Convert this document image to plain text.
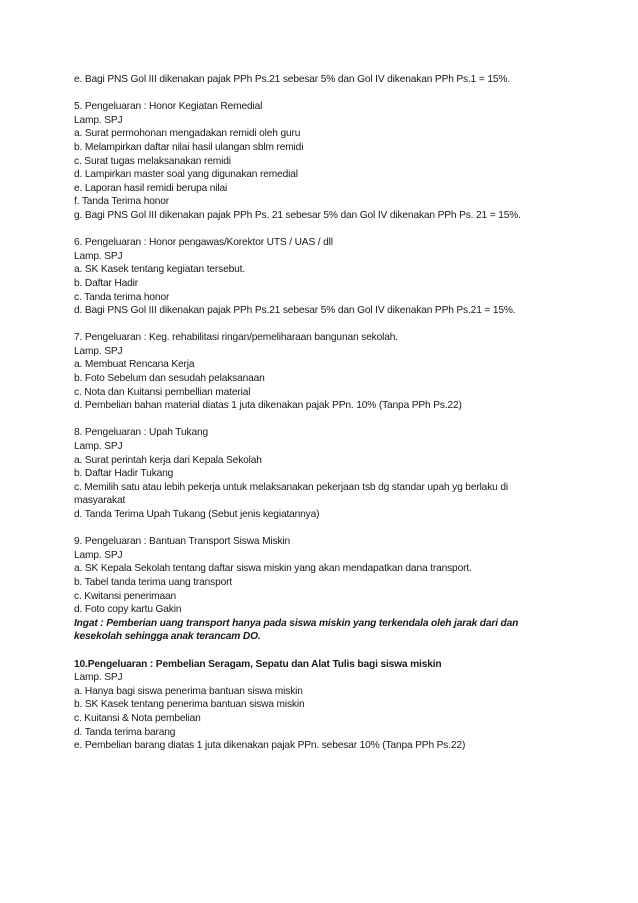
e. Bagi PNS Gol III dikenakan pajak PPh Ps.21 sebesar 5% dan Gol IV dikenakan PPh Ps.1 = 15%.
5. Pengeluaran : Honor Kegiatan Remedial
Lamp. SPJ
a. Surat permohonan mengadakan remidi oleh guru
b. Melampirkan daftar nilai hasil ulangan sblm remidi
c. Surat tugas melaksanakan remidi
d. Lampirkan master soal yang digunakan remedial
e. Laporan hasil remidi berupa nilai
f. Tanda Terima honor
g. Bagi PNS Gol III dikenakan pajak PPh Ps. 21 sebesar 5% dan Gol IV dikenakan PPh Ps. 21 = 15%.
6. Pengeluaran : Honor pengawas/Korektor UTS / UAS / dll
Lamp. SPJ
a. SK Kasek tentang kegiatan tersebut.
b. Daftar Hadir
c. Tanda terima honor
d. Bagi PNS Gol III dikenakan pajak PPh Ps.21 sebesar 5% dan Gol IV dikenakan PPh Ps.21 = 15%.
7. Pengeluaran : Keg. rehabilitasi ringan/pemeliharaan bangunan sekolah.
Lamp. SPJ
a. Membuat Rencana Kerja
b. Foto Sebelum dan sesudah pelaksanaan
c. Nota dan Kuitansi pembellian material
d. Pembelian bahan material diatas 1 juta dikenakan pajak PPn. 10% (Tanpa PPh Ps.22)
8. Pengeluaran : Upah Tukang
Lamp. SPJ
a. Surat perintah kerja dari Kepala Sekolah
b. Daftar Hadir Tukang
c. Memilih satu atau lebih pekerja untuk melaksanakan pekerjaan tsb dg standar upah yg berlaku di
masyarakat
d. Tanda Terima Upah Tukang (Sebut jenis kegiatannya)
9. Pengeluaran : Bantuan Transport Siswa Miskin
Lamp. SPJ
a. SK Kepala Sekolah tentang daftar siswa miskin yang akan mendapatkan dana transport.
b. Tabel tanda terima uang transport
c. Kwitansi penerimaan
d. Foto copy kartu Gakin
Ingat : Pemberian uang transport hanya pada siswa miskin yang terkendala oleh jarak dari dan
kesekolah sehingga anak terancam DO.
10.Pengeluaran : Pembelian Seragam, Sepatu dan Alat Tulis bagi siswa miskin
Lamp. SPJ
a. Hanya bagi siswa penerima bantuan siswa miskin
b. SK Kasek tentang penerima bantuan siswa miskin
c. Kuitansi & Nota pembelian
d. Tanda terima barang
e. Pembelian barang diatas 1 juta dikenakan pajak PPn. sebesar 10% (Tanpa PPh Ps.22)
